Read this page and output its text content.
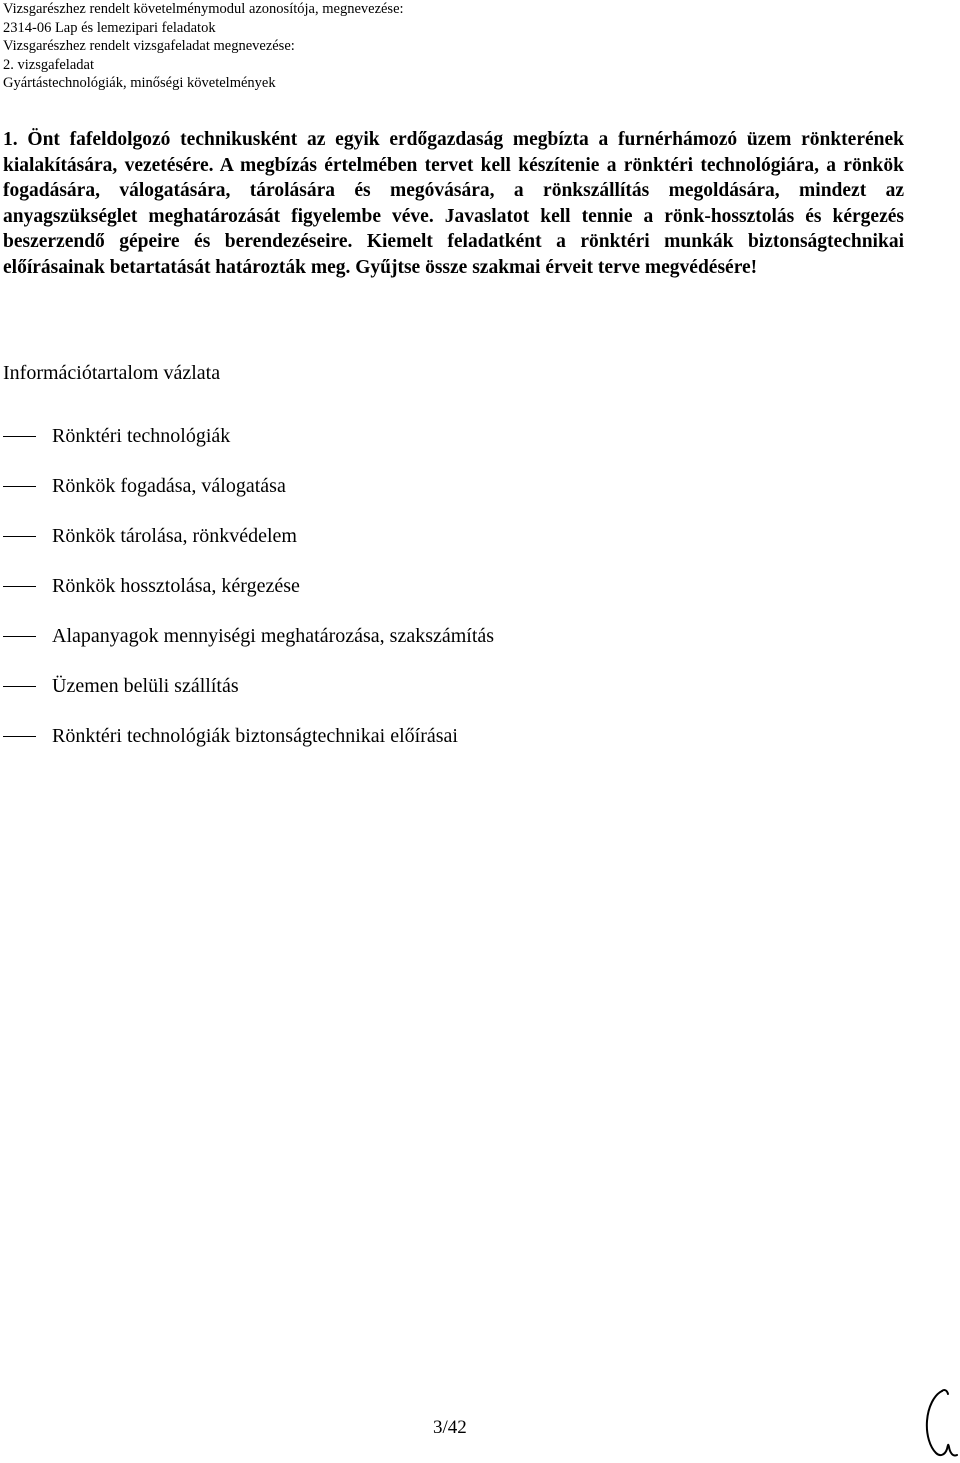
Vizsgarészhez rendelt követelménymodul azonosítója, megnevezése:
2314-06 Lap és lemezipari feladatok
Vizsgarészhez rendelt vizsgafeladat megnevezése:
2. vizsgafeladat
Gyártástechnológiák, minőségi követelmények

1. Önt fafeldolgozó technikusként az egyik erdőgazdaság megbízta a furnérhámozó üzem rönkterének kialakítására, vezetésére. A megbízás értelmében tervet kell készítenie a rönktéri technológiára, a rönkök fogadására, válogatására, tárolására és megóvására, a rönkszállítás megoldására, mindezt az anyagszükséglet meghatározását figyelembe véve. Javaslatot kell tennie a rönk-hossztolás és kérgezés beszerzendő gépeire és berendezéseire. Kiemelt feladatként a rönktéri munkák biztonságtechnikai előírásainak betartatását határozták meg. Gyűjtse össze szakmai érveit terve megvédésére!

Információtartalom vázlata
Rönktéri technológiák
Rönkök fogadása, válogatása
Rönkök tárolása, rönkvédelem
Rönkök hossztolása, kérgezése
Alapanyagok mennyiségi meghatározása, szakszámítás
Üzemen belüli szállítás
Rönktéri technológiák biztonságtechnikai előírásai
3/42
